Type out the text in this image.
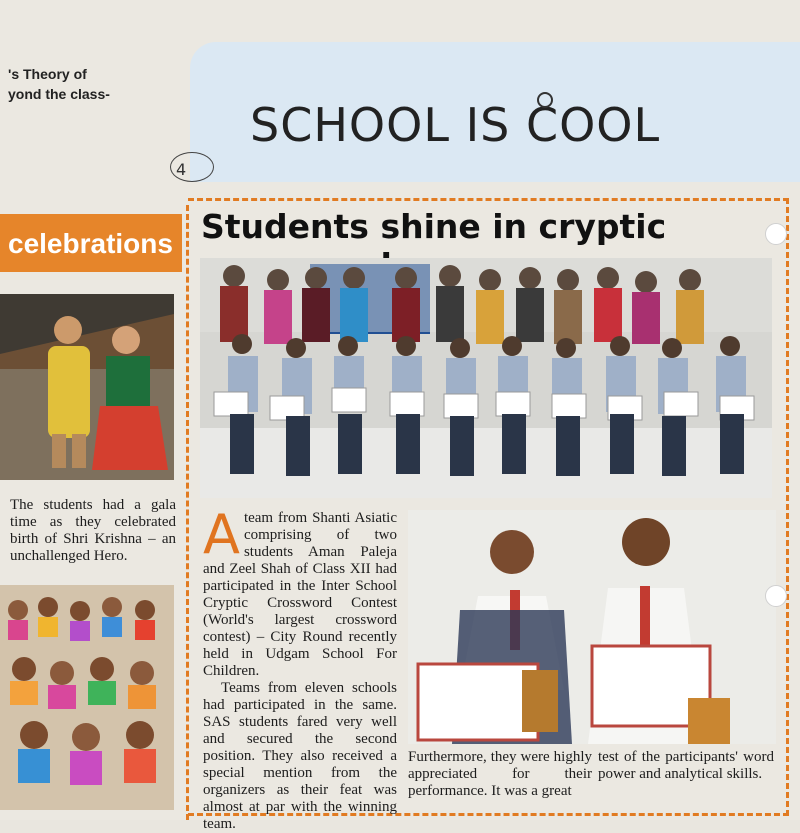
's Theory of
yond the class-
SCHOOL IS COOL
4
celebrations
The students had a gala time as they celebrated birth of Shri Krishna – an unchallenged Hero.
Students shine in cryptic
A team from Shanti Asiatic comprising of two students Aman Paleja and Zeel Shah of Class XII had participated in the Inter School Cryptic Crossword Contest (World's largest crossword contest) – City Round recently held in Udgam School For Children.
Teams from eleven schools had participated in the same. SAS students fared very well and secured the second position. They also received a special mention from the organizers as their feat was almost at par with the winning team.
Furthermore, they were highly appreciated for their performance. It was a great
test of the participants' word power and analytical skills.
